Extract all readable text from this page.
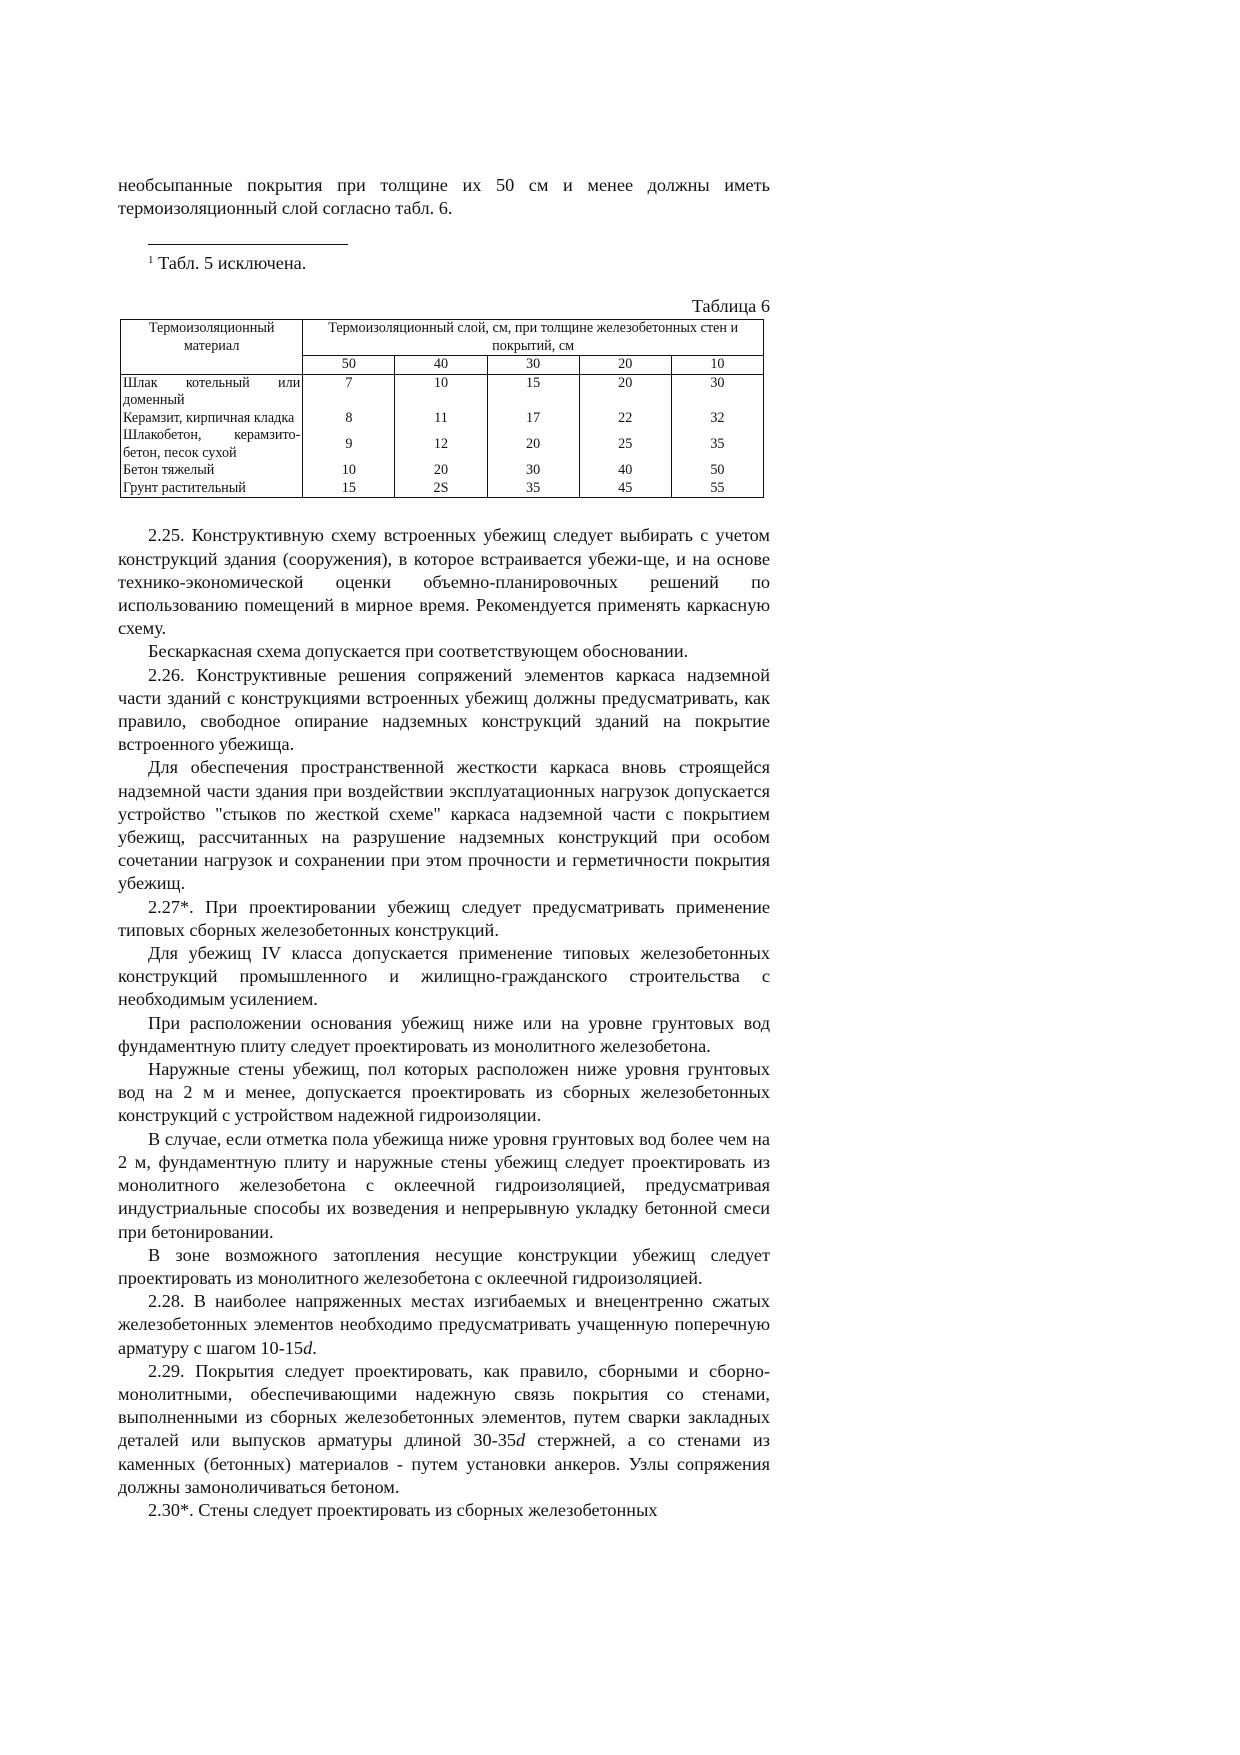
необсыпанные покрытия при толщине их 50 см и менее должны иметь термоизоляционный слой согласно табл. 6.

$^1$ Табл. 5 исключена.
Таблица 6
Термоизоляционный материал	Термоизоляционный слой, см, при толщине железобетонных стен и покрытий, см				
	50	40	30	20	10
Шлак котельный или доменный	7	10	15	20	30
Керамзит, кирпичная кладка	8	11	17	22	32
Шлакобетон, керамзито-бетон, песок сухой	9	12	20	25	35
Бетон тяжелый	10	20	30	40	50
Грунт растительный	15	2S	35	45	55

2.25. Конструктивную схему встроенных убежищ следует выбирать с учетом конструкций здания (сооружения), в которое встраивается убежи-ще, и на основе технико-экономической оценки объемно-планировочных решений по использованию помещений в мирное время. Рекомендуется применять каркасную схему.

Бескаркасная схема допускается при соответствующем обосновании.

2.26. Конструктивные решения сопряжений элементов каркаса надземной части зданий с конструкциями встроенных убежищ должны предусматривать, как правило, свободное опирание надземных конструкций зданий на покрытие встроенного убежища.

Для обеспечения пространственной жесткости каркаса вновь строящейся надземной части здания при воздействии эксплуатационных нагрузок допускается устройство "стыков по жесткой схеме" каркаса надземной части с покрытием убежищ, рассчитанных на разрушение надземных конструкций при особом сочетании нагрузок и сохранении при этом прочности и герметичности покрытия убежищ.

2.27*. При проектировании убежищ следует предусматривать применение типовых сборных железобетонных конструкций.

Для убежищ IV класса допускается применение типовых железобетонных конструкций промышленного и жилищно-гражданского строительства с необходимым усилением.

При расположении основания убежищ ниже или на уровне грунтовых вод фундаментную плиту следует проектировать из монолитного железобетона.

Наружные стены убежищ, пол которых расположен ниже уровня грунтовых вод на 2 м и менее, допускается проектировать из сборных железобетонных конструкций с устройством надежной гидроизоляции.

В случае, если отметка пола убежища ниже уровня грунтовых вод более чем на 2 м, фундаментную плиту и наружные стены убежищ следует проектировать из монолитного железобетона с оклеечной гидроизоляцией, предусматривая индустриальные способы их возведения и непрерывную укладку бетонной смеси при бетонировании.

В зоне возможного затопления несущие конструкции убежищ следует проектировать из монолитного железобетона с оклеечной гидроизоляцией.

2.28. В наиболее напряженных местах изгибаемых и внецентренно сжатых железобетонных элементов необходимо предусматривать учащенную поперечную арматуру с шагом 10-15d.

2.29. Покрытия следует проектировать, как правило, сборными и сборно-монолитными, обеспечивающими надежную связь покрытия со стенами, выполненными из сборных железобетонных элементов, путем сварки закладных деталей или выпусков арматуры длиной 30-35d стержней, а со стенами из каменных (бетонных) материалов - путем установки анкеров. Узлы сопряжения должны замоноличиваться бетоном.

2.30*. Стены следует проектировать из сборных железобетонных
